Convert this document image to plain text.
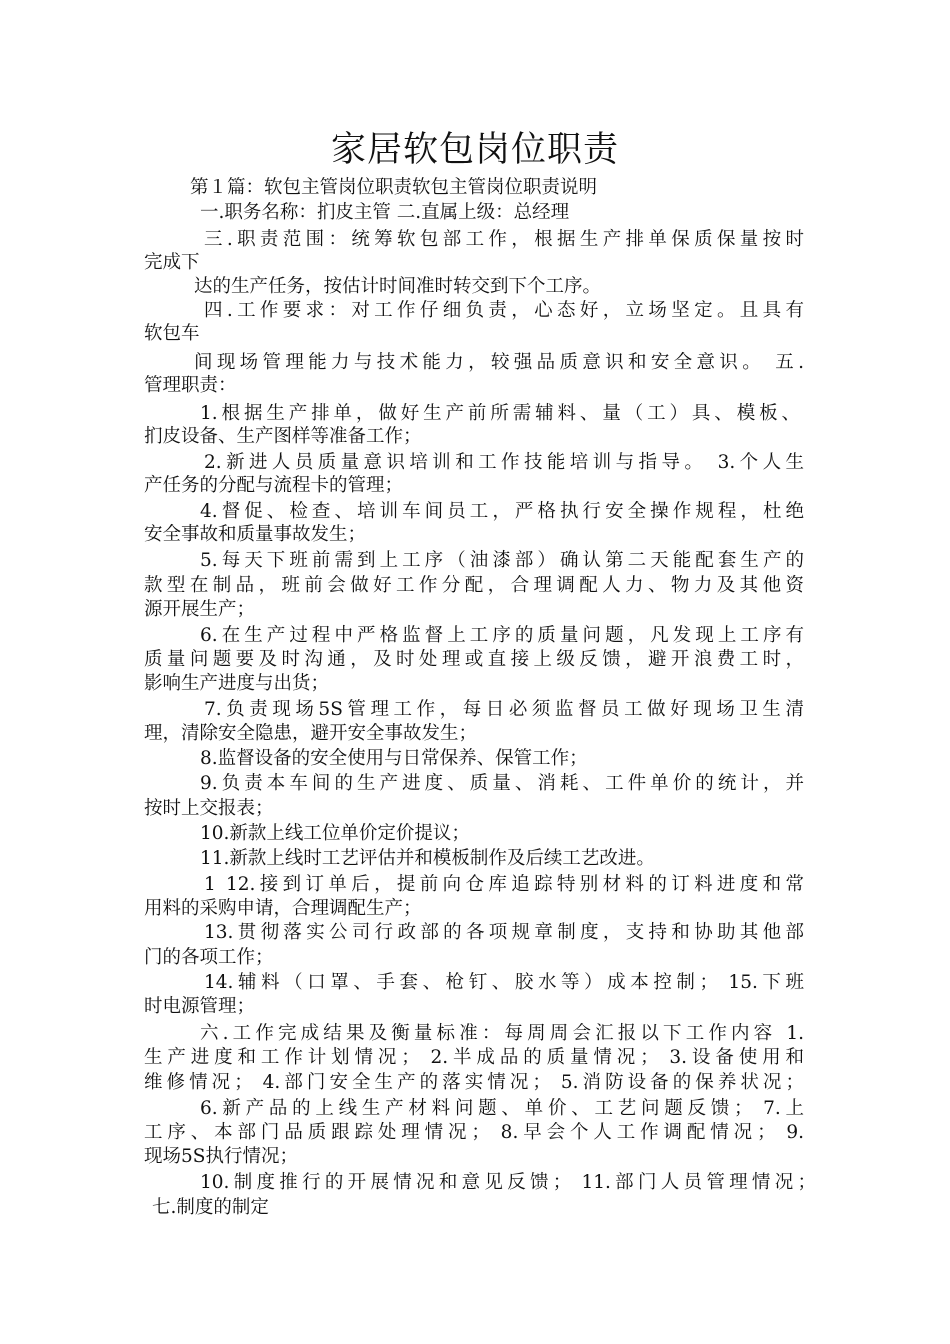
家居软包岗位职责
第１篇：软包主管岗位职责软包主管岗位职责说明
一.职务名称：扪皮主管 二.直属上级：总经理
三.职责范围：统筹软包部工作，根据生产排单保质保量按时
完成下
达的生产任务，按估计时间准时转交到下个工序。
四.工作要求：对工作仔细负责，心态好，立场坚定。且具有
软包车
间现场管理能力与技术能力，较强品质意识和安全意识。 五.
管理职责：
1.根据生产排单，做好生产前所需辅料、量（工）具、模板、
扪皮设备、生产图样等准备工作；
2.新进人员质量意识培训和工作技能培训与指导。 3.个人生
产任务的分配与流程卡的管理；
4.督促、检查、培训车间员工，严格执行安全操作规程，杜绝
安全事故和质量事故发生；
5.每天下班前需到上工序（油漆部）确认第二天能配套生产的
款型在制品，班前会做好工作分配，合理调配人力、物力及其他资
源开展生产；
6.在生产过程中严格监督上工序的质量问题，凡发现上工序有
质量问题要及时沟通，及时处理或直接上级反馈，避开浪费工时，
影响生产进度与出货；
7.负责现场5S管理工作，每日必须监督员工做好现场卫生清
理，清除安全隐患，避开安全事故发生；
8.监督设备的安全使用与日常保养、保管工作；
9.负责本车间的生产进度、质量、消耗、工件单价的统计，并
按时上交报表；
10.新款上线工位单价定价提议；
11.新款上线时工艺评估并和模板制作及后续工艺改进。
1 12.接到订单后，提前向仓库追踪特别材料的订料进度和常
用料的采购申请，合理调配生产；
13.贯彻落实公司行政部的各项规章制度，支持和协助其他部
门的各项工作；
14.辅料（口罩、手套、枪钉、胶水等）成本控制； 15.下班
时电源管理；
六.工作完成结果及衡量标准：每周周会汇报以下工作内容 1.
生产进度和工作计划情况； 2.半成品的质量情况； 3.设备使用和
维修情况； 4.部门安全生产的落实情况； 5.消防设备的保养状况；
6.新产品的上线生产材料问题、单价、工艺问题反馈； 7.上
工序、本部门品质跟踪处理情况； 8.早会个人工作调配情况； 9.
现场5S执行情况；
10.制度推行的开展情况和意见反馈； 11.部门人员管理情况；
七.制度的制定
